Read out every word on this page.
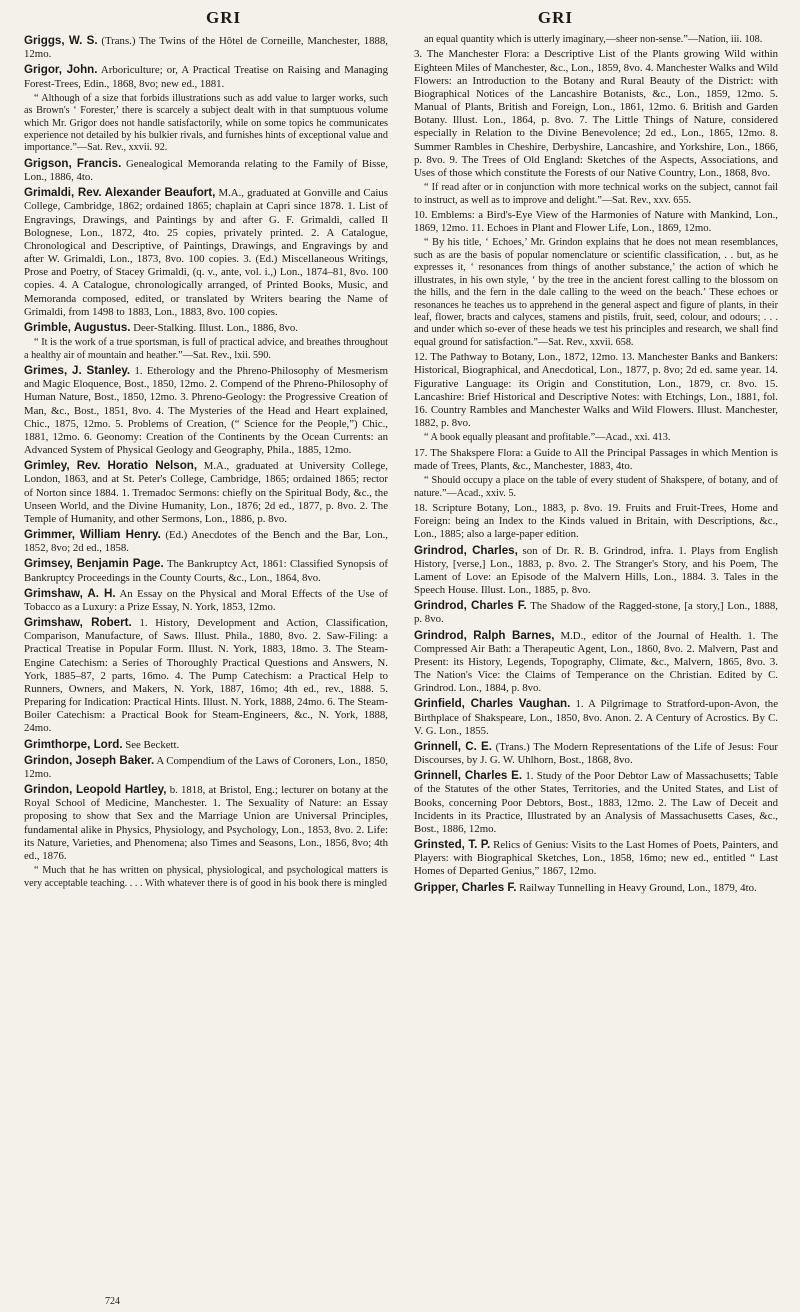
GRI	GRI

Griggs, W. S. (Trans.) The Twins of the Hôtel de Corneille, Manchester, 1888, 12mo.

Grigor, John. Arboriculture; or, A Practical Treatise on Raising and Managing Forest-Trees, Edin., 1868, 8vo; new ed., 1881.

“ Although of a size that forbids illustrations such as add value to larger works, such as Brown's ‘ Forester,’ there is scarcely a subject dealt with in that sumptuous volume which Mr. Grigor does not handle satisfactorily, while on some topics he communicates experience not detailed by his bulkier rivals, and furnishes hints of exceptional value and importance.”—Sat. Rev., xxvii. 92.

Grigson, Francis. Genealogical Memoranda relating to the Family of Bisse, Lon., 1886, 4to.

Grimaldi, Rev. Alexander Beaufort, M.A., graduated at Gonville and Caius College, Cambridge, 1862; ordained 1865; chaplain at Capri since 1878. 1. List of Engravings, Drawings, and Paintings by and after G. F. Grimaldi, called Il Bolognese, Lon., 1872, 4to. 25 copies, privately printed. 2. A Catalogue, Chronological and Descriptive, of Paintings, Drawings, and Engravings by and after W. Grimaldi, Lon., 1873, 8vo. 100 copies. 3. (Ed.) Miscellaneous Writings, Prose and Poetry, of Stacey Grimaldi, (q. v., ante, vol. i.,) Lon., 1874–81, 8vo. 100 copies. 4. A Catalogue, chronologically arranged, of Printed Books, Music, and Memoranda composed, edited, or translated by Writers bearing the Name of Grimaldi, from 1498 to 1883, Lon., 1883, 8vo. 100 copies.

Grimble, Augustus. Deer-Stalking. Illust. Lon., 1886, 8vo.

“ It is the work of a true sportsman, is full of practical advice, and breathes throughout a healthy air of mountain and heather.”—Sat. Rev., lxii. 590.

Grimes, J. Stanley. 1. Etherology and the Phreno-Philosophy of Mesmerism and Magic Eloquence, Bost., 1850, 12mo. 2. Compend of the Phreno-Philosophy of Human Nature, Bost., 1850, 12mo. 3. Phreno-Geology: the Progressive Creation of Man, &c., Bost., 1851, 8vo. 4. The Mysteries of the Head and Heart explained, Chic., 1875, 12mo. 5. Problems of Creation, (“ Science for the People,”) Chic., 1881, 12mo. 6. Geonomy: Creation of the Continents by the Ocean Currents: an Advanced System of Physical Geology and Geography, Phila., 1885, 12mo.

Grimley, Rev. Horatio Nelson, M.A., graduated at University College, London, 1863, and at St. Peter's College, Cambridge, 1865; ordained 1865; rector of Norton since 1884. 1. Tremadoc Sermons: chiefly on the Spiritual Body, &c., the Unseen World, and the Divine Humanity, Lon., 1876; 2d ed., 1877, p. 8vo. 2. The Temple of Humanity, and other Sermons, Lon., 1886, p. 8vo.

Grimmer, William Henry. (Ed.) Anecdotes of the Bench and the Bar, Lon., 1852, 8vo; 2d ed., 1858.

Grimsey, Benjamin Page. The Bankruptcy Act, 1861: Classified Synopsis of Bankruptcy Proceedings in the County Courts, &c., Lon., 1864, 8vo.

Grimshaw, A. H. An Essay on the Physical and Moral Effects of the Use of Tobacco as a Luxury: a Prize Essay, N. York, 1853, 12mo.

Grimshaw, Robert. 1. History, Development and Action, Classification, Comparison, Manufacture, of Saws. Illust. Phila., 1880, 8vo. 2. Saw-Filing: a Practical Treatise in Popular Form. Illust. N. York, 1883, 18mo. 3. The Steam-Engine Catechism: a Series of Thoroughly Practical Questions and Answers, N. York, 1885–87, 2 parts, 16mo. 4. The Pump Catechism: a Practical Help to Runners, Owners, and Makers, N. York, 1887, 16mo; 4th ed., rev., 1888. 5. Preparing for Indication: Practical Hints. Illust. N. York, 1888, 24mo. 6. The Steam-Boiler Catechism: a Practical Book for Steam-Engineers, &c., N. York, 1888, 24mo.

Grimthorpe, Lord. See Beckett.

Grindon, Joseph Baker. A Compendium of the Laws of Coroners, Lon., 1850, 12mo.

Grindon, Leopold Hartley, b. 1818, at Bristol, Eng.; lecturer on botany at the Royal School of Medicine, Manchester. 1. The Sexuality of Nature: an Essay proposing to show that Sex and the Marriage Union are Universal Principles, fundamental alike in Physics, Physiology, and Psychology, Lon., 1853, 8vo. 2. Life: its Nature, Varieties, and Phenomena; also Times and Seasons, Lon., 1856, 8vo; 4th ed., 1876.

“ Much that he has written on physical, physiological, and psychological matters is very acceptable teaching. . . . With whatever there is of good in his book there is mingled

an equal quantity which is utterly imaginary,—sheer non-sense.”—Nation, iii. 108.

3. The Manchester Flora: a Descriptive List of the Plants growing Wild within Eighteen Miles of Manchester, &c., Lon., 1859, 8vo. 4. Manchester Walks and Wild Flowers: an Introduction to the Botany and Rural Beauty of the District: with Biographical Notices of the Lancashire Botanists, &c., Lon., 1859, 12mo. 5. Manual of Plants, British and Foreign, Lon., 1861, 12mo. 6. British and Garden Botany. Illust. Lon., 1864, p. 8vo. 7. The Little Things of Nature, considered especially in Relation to the Divine Benevolence; 2d ed., Lon., 1865, 12mo. 8. Summer Rambles in Cheshire, Derbyshire, Lancashire, and Yorkshire, Lon., 1866, p. 8vo. 9. The Trees of Old England: Sketches of the Aspects, Associations, and Uses of those which constitute the Forests of our Native Country, Lon., 1868, 8vo.

“ If read after or in conjunction with more technical works on the subject, cannot fail to instruct, as well as to improve and delight.”—Sat. Rev., xxv. 655.

10. Emblems: a Bird's-Eye View of the Harmonies of Nature with Mankind, Lon., 1869, 12mo. 11. Echoes in Plant and Flower Life, Lon., 1869, 12mo.

“ By his title, ‘ Echoes,’ Mr. Grindon explains that he does not mean resemblances, such as are the basis of popular nomenclature or scientific classification, . . but, as he expresses it, ‘ resonances from things of another substance,’ the action of which he illustrates, in his own style, ‘ by the tree in the ancient forest calling to the blossom on the hills, and the fern in the dale calling to the weed on the beach.’ These echoes or resonances he teaches us to apprehend in the general aspect and figure of plants, in their leaf, flower, bracts and calyces, stamens and pistils, fruit, seed, colour, and odours; . . . and under which so-ever of these heads we test his principles and research, we shall find equal ground for satisfaction.”—Sat. Rev., xxvii. 658.

12. The Pathway to Botany, Lon., 1872, 12mo. 13. Manchester Banks and Bankers: Historical, Biographical, and Anecdotical, Lon., 1877, p. 8vo; 2d ed. same year. 14. Figurative Language: its Origin and Constitution, Lon., 1879, cr. 8vo. 15. Lancashire: Brief Historical and Descriptive Notes: with Etchings, Lon., 1881, fol. 16. Country Rambles and Manchester Walks and Wild Flowers. Illust. Manchester, 1882, p. 8vo.

“ A book equally pleasant and profitable.”—Acad., xxi. 413.

17. The Shakspere Flora: a Guide to All the Principal Passages in which Mention is made of Trees, Plants, &c., Manchester, 1883, 4to.

“ Should occupy a place on the table of every student of Shakspere, of botany, and of nature.”—Acad., xxiv. 5.

18. Scripture Botany, Lon., 1883, p. 8vo. 19. Fruits and Fruit-Trees, Home and Foreign: being an Index to the Kinds valued in Britain, with Descriptions, &c., Lon., 1885; also a large-paper edition.

Grindrod, Charles, son of Dr. R. B. Grindrod, infra. 1. Plays from English History, [verse,] Lon., 1883, p. 8vo. 2. The Stranger's Story, and his Poem, The Lament of Love: an Episode of the Malvern Hills, Lon., 1884. 3. Tales in the Speech House. Illust. Lon., 1885, p. 8vo.

Grindrod, Charles F. The Shadow of the Ragged-stone, [a story,] Lon., 1888, p. 8vo.

Grindrod, Ralph Barnes, M.D., editor of the Journal of Health. 1. The Compressed Air Bath: a Therapeutic Agent, Lon., 1860, 8vo. 2. Malvern, Past and Present: its History, Legends, Topography, Climate, &c., Malvern, 1865, 8vo. 3. The Nation's Vice: the Claims of Temperance on the Christian. Edited by C. Grindrod. Lon., 1884, p. 8vo.

Grinfield, Charles Vaughan. 1. A Pilgrimage to Stratford-upon-Avon, the Birthplace of Shakspeare, Lon., 1850, 8vo. Anon. 2. A Century of Acrostics. By C. V. G. Lon., 1855.

Grinnell, C. E. (Trans.) The Modern Representations of the Life of Jesus: Four Discourses, by J. G. W. Uhlhorn, Bost., 1868, 8vo.

Grinnell, Charles E. 1. Study of the Poor Debtor Law of Massachusetts; Table of the Statutes of the other States, Territories, and the United States, and List of Books, concerning Poor Debtors, Bost., 1883, 12mo. 2. The Law of Deceit and Incidents in its Practice, Illustrated by an Analysis of Massachusetts Cases, &c., Bost., 1886, 12mo.

Grinsted, T. P. Relics of Genius: Visits to the Last Homes of Poets, Painters, and Players: with Biographical Sketches, Lon., 1858, 16mo; new ed., entitled “ Last Homes of Departed Genius,” 1867, 12mo.

Gripper, Charles F. Railway Tunnelling in Heavy Ground, Lon., 1879, 4to.

724
